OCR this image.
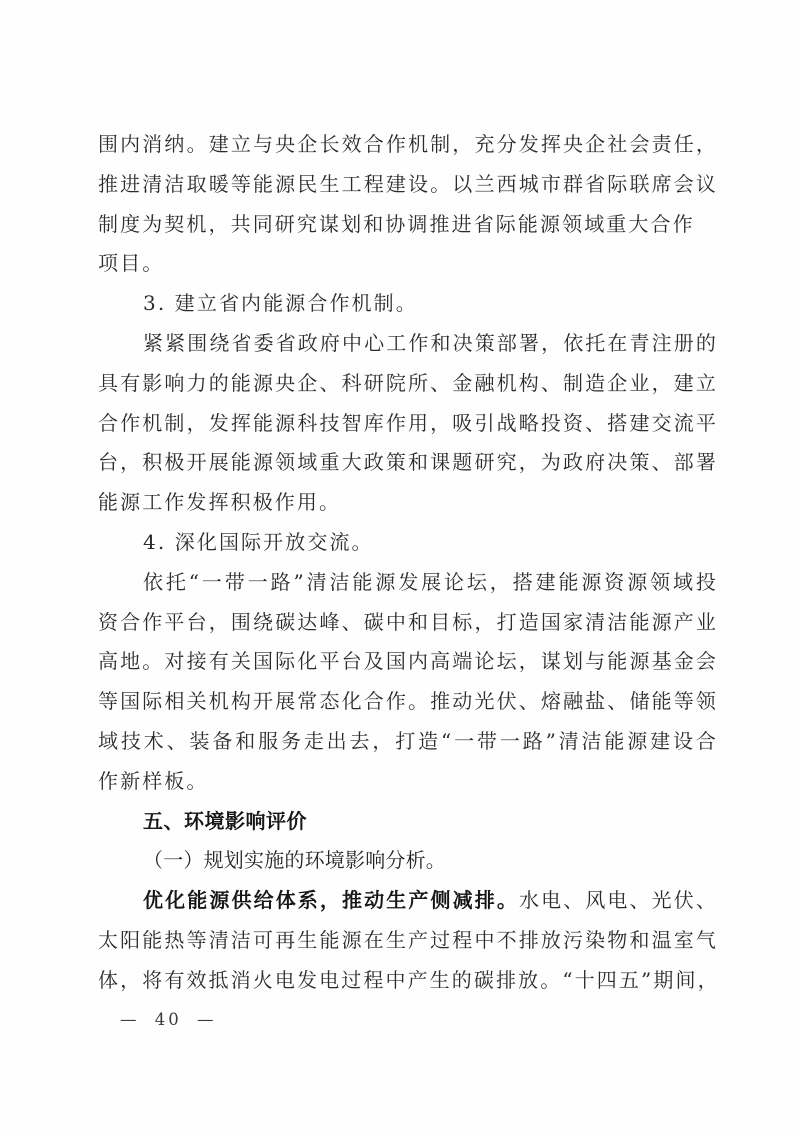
围内消纳。建立与央企长效合作机制，充分发挥央企社会责任，
推进清洁取暖等能源民生工程建设。以兰西城市群省际联席会议
制度为契机，共同研究谋划和协调推进省际能源领域重大合作
项目。
3. 建立省内能源合作机制。
紧紧围绕省委省政府中心工作和决策部署，依托在青注册的
具有影响力的能源央企、科研院所、金融机构、制造企业，建立
合作机制，发挥能源科技智库作用，吸引战略投资、搭建交流平
台，积极开展能源领域重大政策和课题研究，为政府决策、部署
能源工作发挥积极作用。
4. 深化国际开放交流。
依托“一带一路”清洁能源发展论坛，搭建能源资源领域投
资合作平台，围绕碳达峰、碳中和目标，打造国家清洁能源产业
高地。对接有关国际化平台及国内高端论坛，谋划与能源基金会
等国际相关机构开展常态化合作。推动光伏、熔融盐、储能等领
域技术、装备和服务走出去，打造“一带一路”清洁能源建设合
作新样板。
五、环境影响评价
（一）规划实施的环境影响分析。
优化能源供给体系，推动生产侧减排。水电、风电、光伏、
太阳能热等清洁可再生能源在生产过程中不排放污染物和温室气
体，将有效抵消火电发电过程中产生的碳排放。“十四五”期间，
— 40 —
